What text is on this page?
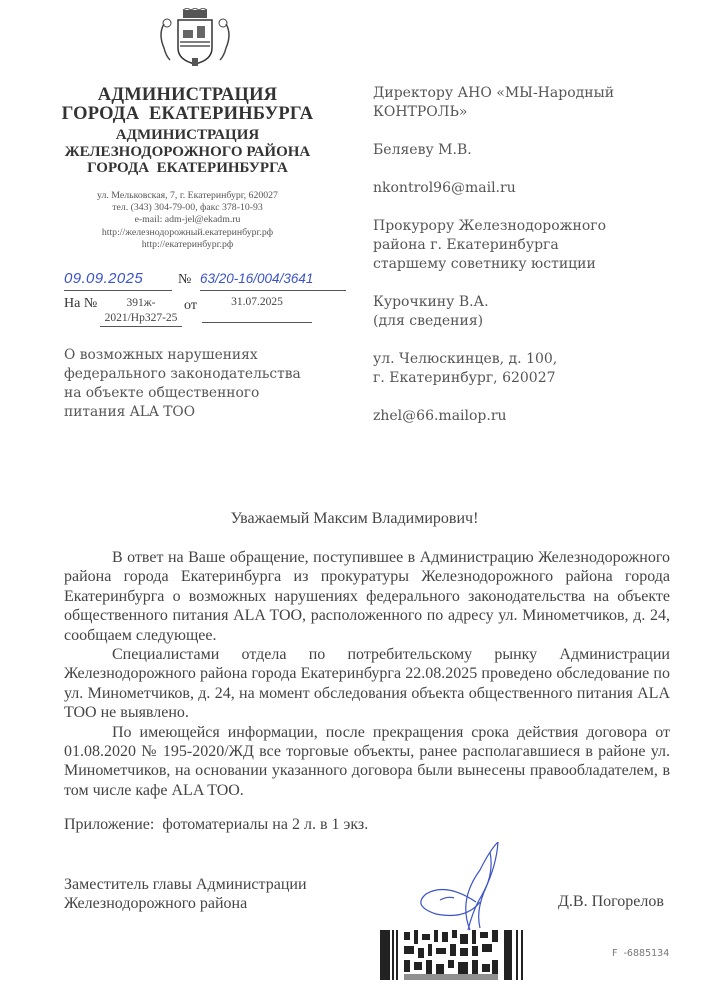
АДМИНИСТРАЦИЯ
ГОРОДА  ЕКАТЕРИНБУРГА
АДМИНИСТРАЦИЯ
ЖЕЛЕЗНОДОРОЖНОГО РАЙОНА
ГОРОДА  ЕКАТЕРИНБУРГА
ул. Мельковская, 7, г. Екатеринбург, 620027
тел. (343) 304-79-00, факс 378-10-93
e-mail: adm-jel@ekadm.ru
http://железнодорожный.екатеринбург.рф
http://екатеринбург.рф
09.09.2025	№ 63/20-16/004/3641
На №	391ж-
2021/Нр327-25
от	31.07.2025
О возможных нарушениях
федерального законодательства
на объекте общественного
питания ALA TOO
Директору АНО «МЫ-Народный
КОНТРОЛЬ»
Беляеву М.В.
nkontrol96@mail.ru
Прокурору Железнодорожного
района г. Екатеринбурга
старшему советнику юстиции
Курочкину В.А.
(для сведения)
ул. Челюскинцев, д. 100,
г. Екатеринбург, 620027
zhel@66.mailop.ru
Уважаемый Максим Владимирович!

В ответ на Ваше обращение, поступившее в Администрацию Железнодорожного района города Екатеринбурга из прокуратуры Железнодорожного района города Екатеринбурга о возможных нарушениях федерального законодательства на объекте общественного питания ALA TOO, расположенного по адресу ул. Минометчиков, д. 24, сообщаем следующее.

Специалистами отдела по потребительскому рынку Администрации Железнодорожного района города Екатеринбурга 22.08.2025 проведено обследование по ул. Минометчиков, д. 24, на момент обследования объекта общественного питания ALA TOO не выявлено.

По имеющейся информации, после прекращения срока действия договора от 01.08.2020 № 195-2020/ЖД все торговые объекты, ранее располагавшиеся в районе ул. Минометчиков, на основании указанного договора были вынесены правообладателем, в том числе кафе ALA TOO.

Приложение:  фотоматериалы на 2 л. в 1 экз.
Заместитель главы Администрации
Железнодорожного района	Д.В. Погорелов
F  -6885134
